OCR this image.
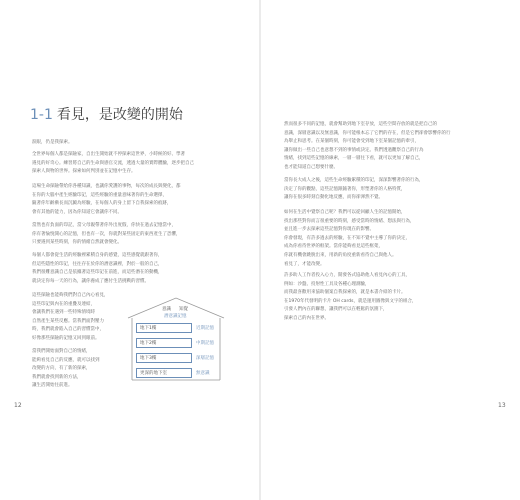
1-1 看見，是改變的開始
淚眼，仍是我探索。
全世界每個人都是探險家，自出生開始就不停探索這世界，小時候的好、學著
遇見的好奇心。練習將自己的生命與感官交流，透過大量的實際體驗，逐步把自己
探索人與物的世界。探索如何判別並在記憶中生存。
這場生命探險帶給你各種知識，也讓你愛護的事物，每次的成長與變化，都
在你的大腦中產生經驗印記，這些經驗的重量意味著你的生命選擇，
隨著你年齡漸長而沉澱為經驗，在每個人的身上留下自我探索的痕跡，
會有其他的能力，因為你知道它會讓你不同。
當然也有負面的印記，當父母親帶著你外出度假，你快在過去記憶當中，
你有著愉悅開心的記憶，但也有一次，你就對某些固定的東西產生了恐懼，
只要遇到某些時刻，你的情緒自然就會變化。
每個人都會從生活的經驗裡累積自身的感覺，這些感覺就跟著你，
但這些隱性的印記，往往存在於你的潛意識裡，對於一般的自己，
我們很難意識自己是依據著這些印記在前進，而這些潛在的動機，
就決定你每一天的行為，讓你養成了應付生活挑戰的習慣。
這些探險也能夠我們對自己內心看見，
這些印記與內在的重疊及連結，
會讓我們在遇到一些特殊情境時
自然產生某些反應。當我們面對壓力
時，我們就會陷入自己的習慣當中，
好像那些探險的記憶又回到眼前。
當我們開始面對自己的情緒，
能夠看見自己的反應，就可以找到
改變的方向，有了新的探索，
我們就會找到新的方法，
讓生活開始往前進。
意識 知覺
潛意識記憶
地下1樓	近期記憶
地下2樓	中期記憶
地下3樓	深層記憶
更深的地下室	無意識
12
然而很多不同的記憶，就會幫助到地下室存放，這些空間存放的就是把自己的
意識，深層意識以及無意識，你可能根本忘了它們的存在，但是它們卻會影響你的行
為舉止和思考。在某個時刻，你可能會受到地下室某個記憶的牽引，
讓你做出一些自己也意想不到的事情或決定。我們透過觀察自己的行為
情緒，找到這些記憶的線索，一層一層往下看，就可以更加了解自己，
也才能知道自己想要什麼。
當你長大成人之後，這些生命經驗累積的印記，深深影響著你的行為，
決定了你的觀點，這些記憶跟隨著你，形塑著你的人格特質，
讓你在很多時刻自動化地反應，而你卻渾然不覺。
如何在生活中覺察自己呢？我們可以從回顧人生的記憶開始，
找出那些對你而言很重要的時刻，感受當時的情緒、想法與行為，
並且進一步去探索這些記憶對你現在的影響。
你會發現，有許多過去的經驗，在不知不覺中主導了你的決定，
成為你看待世界的框架。當你能夠看見這些框架，
你就有機會跳脫出來，用新的角度重新看待自己與他人。
看見了，才能改變。
許多助人工作者投入心力，開發各式協助他人看見內心的工具，
例如：沙盤、投射性工具及各種心理測驗，
而我最喜歡用來協助個案自我探索的，就是本書介紹的卡片。
在1970年代發明的卡片 OH cards，就是運用圖像與文字的組合，
引發人們內在的聯想，讓我們可以在輕鬆的氛圍下，
探索自己的內在世界。
13
